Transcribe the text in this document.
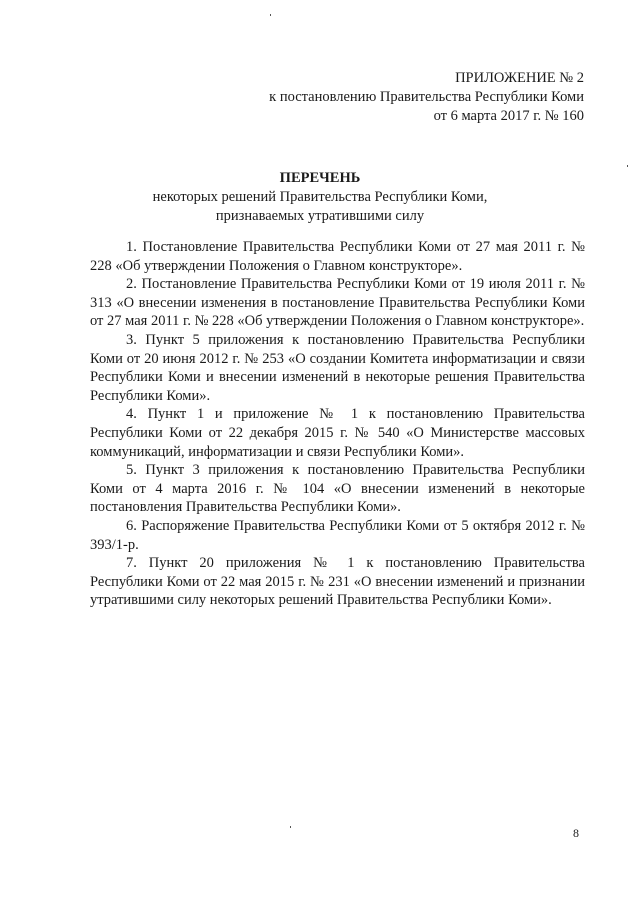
ПРИЛОЖЕНИЕ № 2
к постановлению Правительства Республики Коми
от 6 марта 2017 г. № 160
ПЕРЕЧЕНЬ
некоторых решений Правительства Республики Коми,
признаваемых утратившими силу

1. Постановление Правительства Республики Коми от 27 мая 2011 г. № 228 «Об утверждении Положения о Главном конструкторе».

2. Постановление Правительства Республики Коми от 19 июля 2011 г. № 313 «О внесении изменения в постановление Правительства Республики Коми от 27 мая 2011 г. № 228 «Об утверждении Положения о Главном конструкторе».

3. Пункт 5 приложения к постановлению Правительства Республики Коми от 20 июня 2012 г. № 253 «О создании Комитета информатизации и связи Республики Коми и внесении изменений в некоторые решения Правительства Республики Коми».

4. Пункт 1 и приложение № 1 к постановлению Правительства Республики Коми от 22 декабря 2015 г. № 540 «О Министерстве массовых коммуникаций, информатизации и связи Республики Коми».

5. Пункт 3 приложения к постановлению Правительства Республики Коми от 4 марта 2016 г. № 104 «О внесении изменений в некоторые постановления Правительства Республики Коми».

6. Распоряжение Правительства Республики Коми от 5 октября 2012 г. № 393/1-р.

7. Пункт 20 приложения № 1 к постановлению Правительства Республики Коми от 22 мая 2015 г. № 231 «О внесении изменений и признании утратившими силу некоторых решений Правительства Республики Коми».

8
